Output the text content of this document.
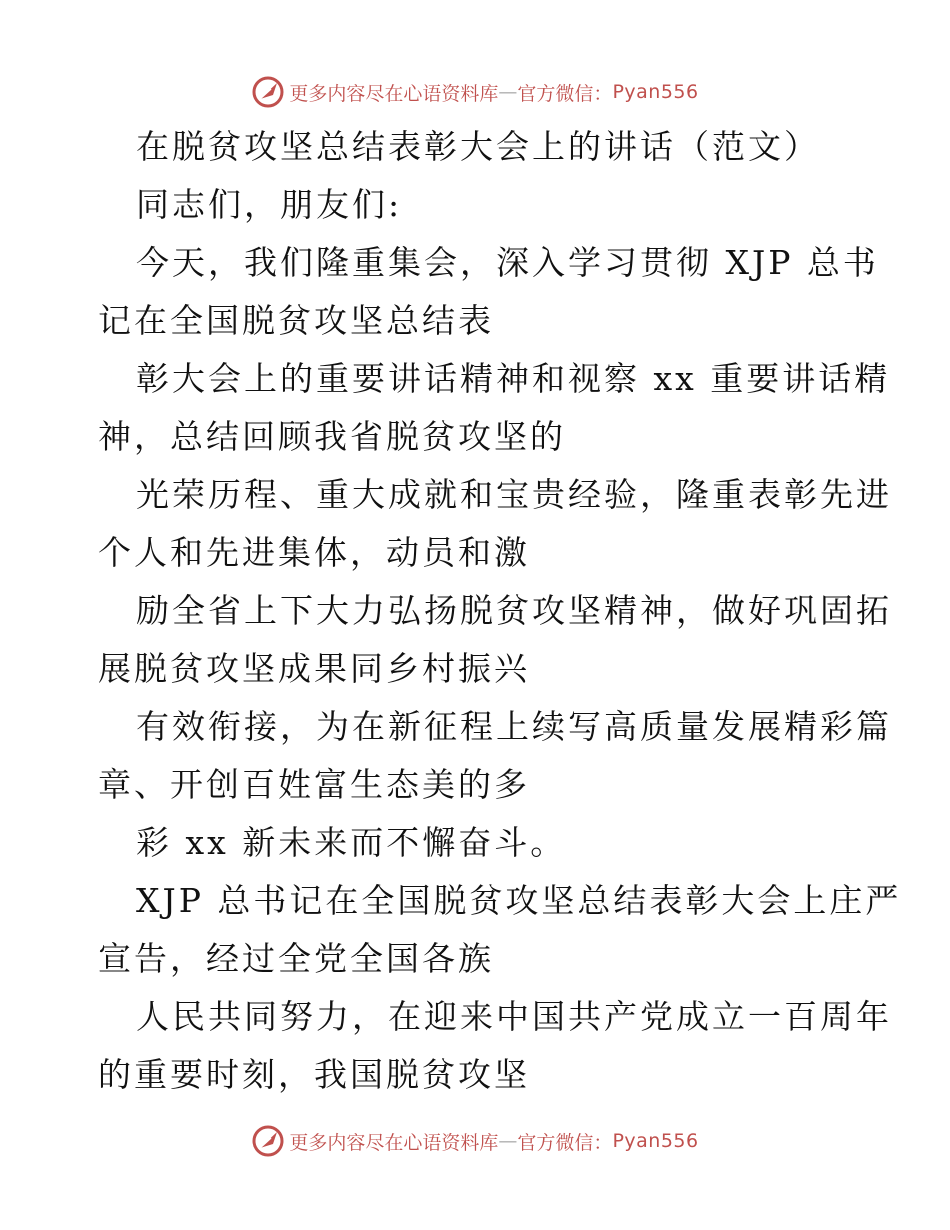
更多内容尽在心语资料库 — 官方微信： Pyan556
在脱贫攻坚总结表彰大会上的讲话（范文）
同志们，朋友们:
今天，我们隆重集会，深入学习贯彻 XJP 总书
记在全国脱贫攻坚总结表
彰大会上的重要讲话精神和视察 xx 重要讲话精
神，总结回顾我省脱贫攻坚的
光荣历程、重大成就和宝贵经验，隆重表彰先进
个人和先进集体，动员和激
励全省上下大力弘扬脱贫攻坚精神，做好巩固拓
展脱贫攻坚成果同乡村振兴
有效衔接，为在新征程上续写高质量发展精彩篇
章、开创百姓富生态美的多
彩 xx 新未来而不懈奋斗。
XJP 总书记在全国脱贫攻坚总结表彰大会上庄严
宣告，经过全党全国各族
人民共同努力，在迎来中国共产党成立一百周年
的重要时刻，我国脱贫攻坚
更多内容尽在心语资料库 — 官方微信： Pyan556
